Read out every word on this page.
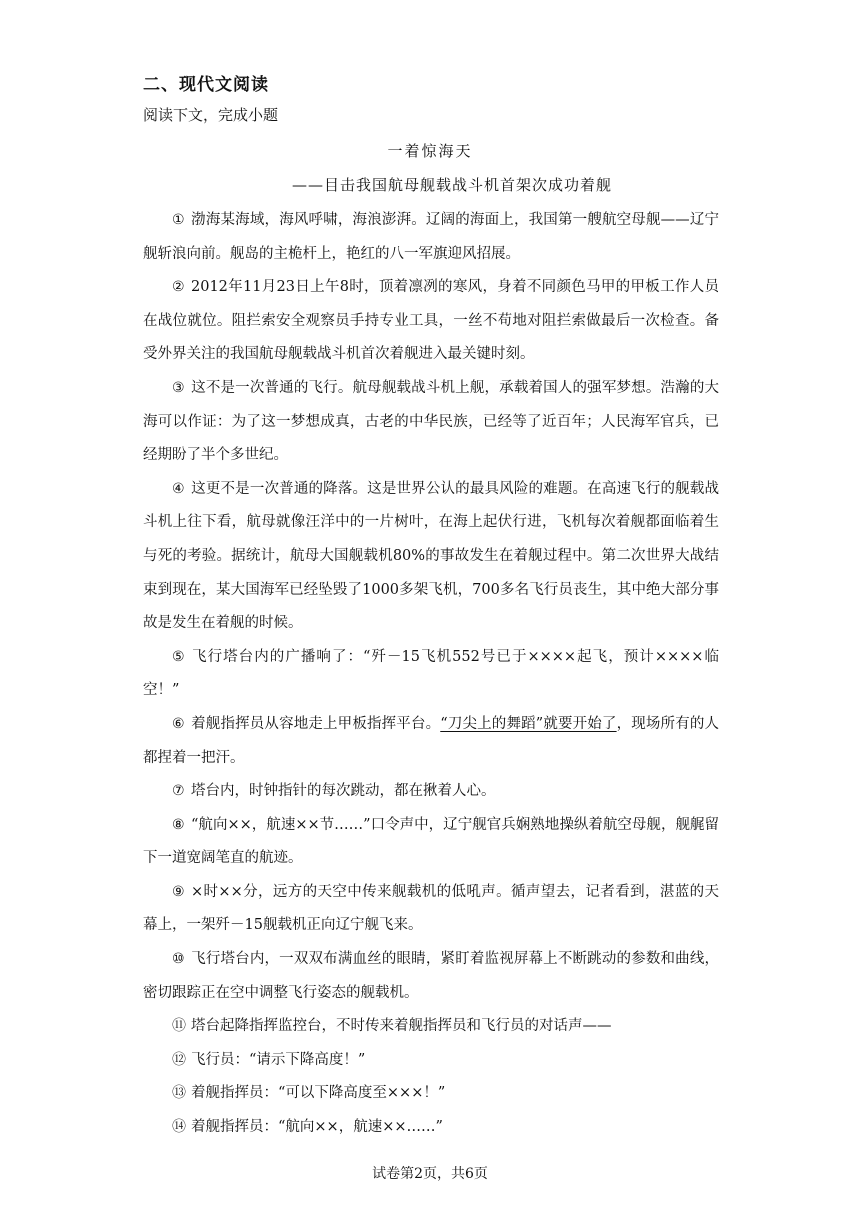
二、现代文阅读
阅读下文，完成小题
一着惊海天
——目击我国航母舰载战斗机首架次成功着舰

① 渤海某海域，海风呼啸，海浪澎湃。辽阔的海面上，我国第一艘航空母舰——辽宁舰斩浪向前。舰岛的主桅杆上，艳红的八一军旗迎风招展。

② 2012年11月23日上午8时，顶着凛冽的寒风，身着不同颜色马甲的甲板工作人员在战位就位。阻拦索安全观察员手持专业工具，一丝不苟地对阻拦索做最后一次检查。备受外界关注的我国航母舰载战斗机首次着舰进入最关键时刻。

③ 这不是一次普通的飞行。航母舰载战斗机上舰，承载着国人的强军梦想。浩瀚的大海可以作证：为了这一梦想成真，古老的中华民族，已经等了近百年；人民海军官兵，已经期盼了半个多世纪。

④ 这更不是一次普通的降落。这是世界公认的最具风险的难题。在高速飞行的舰载战斗机上往下看，航母就像汪洋中的一片树叶，在海上起伏行进，飞机每次着舰都面临着生与死的考验。据统计，航母大国舰载机80%的事故发生在着舰过程中。第二次世界大战结束到现在，某大国海军已经坠毁了1000多架飞机，700多名飞行员丧生，其中绝大部分事故是发生在着舰的时候。

⑤ 飞行塔台内的广播响了：“歼－15飞机552号已于××××起飞，预计××××临空！”

⑥ 着舰指挥员从容地走上甲板指挥平台。“刀尖上的舞蹈”就要开始了，现场所有的人都捏着一把汗。

⑦ 塔台内，时钟指针的每次跳动，都在揪着人心。

⑧ “航向××，航速××节……”口令声中，辽宁舰官兵娴熟地操纵着航空母舰，舰艉留下一道宽阔笔直的航迹。

⑨ ×时××分，远方的天空中传来舰载机的低吼声。循声望去，记者看到，湛蓝的天幕上，一架歼－15舰载机正向辽宁舰飞来。

⑩ 飞行塔台内，一双双布满血丝的眼睛，紧盯着监视屏幕上不断跳动的参数和曲线，密切跟踪正在空中调整飞行姿态的舰载机。

⑪ 塔台起降指挥监控台，不时传来着舰指挥员和飞行员的对话声——

⑫ 飞行员：“请示下降高度！”

⑬ 着舰指挥员：“可以下降高度至×××！”

⑭ 着舰指挥员：“航向××，航速××……”

试卷第2页，共6页
